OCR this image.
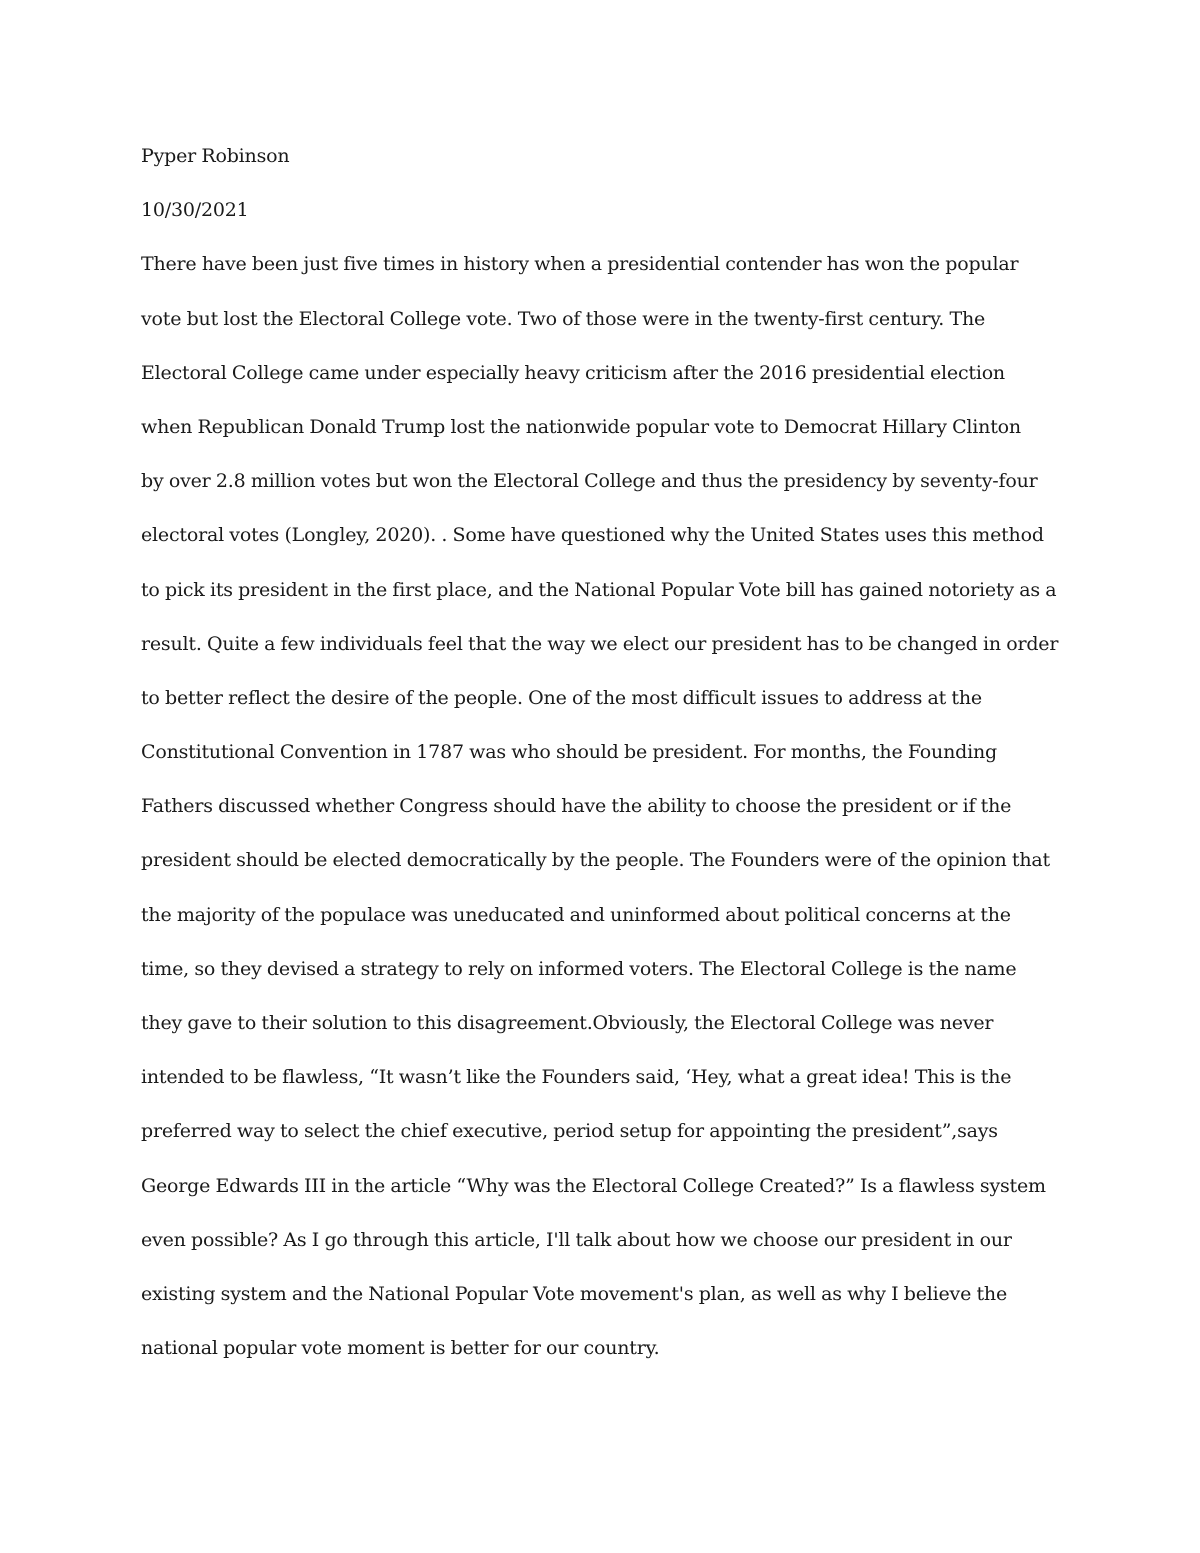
Pyper Robinson
10/30/2021
There have been just five times in history when a presidential contender has won the popular
vote but lost the Electoral College vote. Two of those were in the twenty-first century. The
Electoral College came under especially heavy criticism after the 2016 presidential election
when Republican Donald Trump lost the nationwide popular vote to Democrat Hillary Clinton
by over 2.8 million votes but won the Electoral College and thus the presidency by seventy-four
electoral votes (Longley, 2020). . Some have questioned why the United States uses this method
to pick its president in the first place, and the National Popular Vote bill has gained notoriety as a
result. Quite a few individuals feel that the way we elect our president has to be changed in order
to better reflect the desire of the people. One of the most difficult issues to address at the
Constitutional Convention in 1787 was who should be president. For months, the Founding
Fathers discussed whether Congress should have the ability to choose the president or if the
president should be elected democratically by the people. The Founders were of the opinion that
the majority of the populace was uneducated and uninformed about political concerns at the
time, so they devised a strategy to rely on informed voters. The Electoral College is the name
they gave to their solution to this disagreement.Obviously, the Electoral College was never
intended to be flawless, “It wasn’t like the Founders said, ‘Hey, what a great idea! This is the
preferred way to select the chief executive, period setup for appointing the president”,says
George Edwards III in the article “Why was the Electoral College Created?” Is a flawless system
even possible? As I go through this article, I'll talk about how we choose our president in our
existing system and the National Popular Vote movement's plan, as well as why I believe the
national popular vote moment is better for our country.
